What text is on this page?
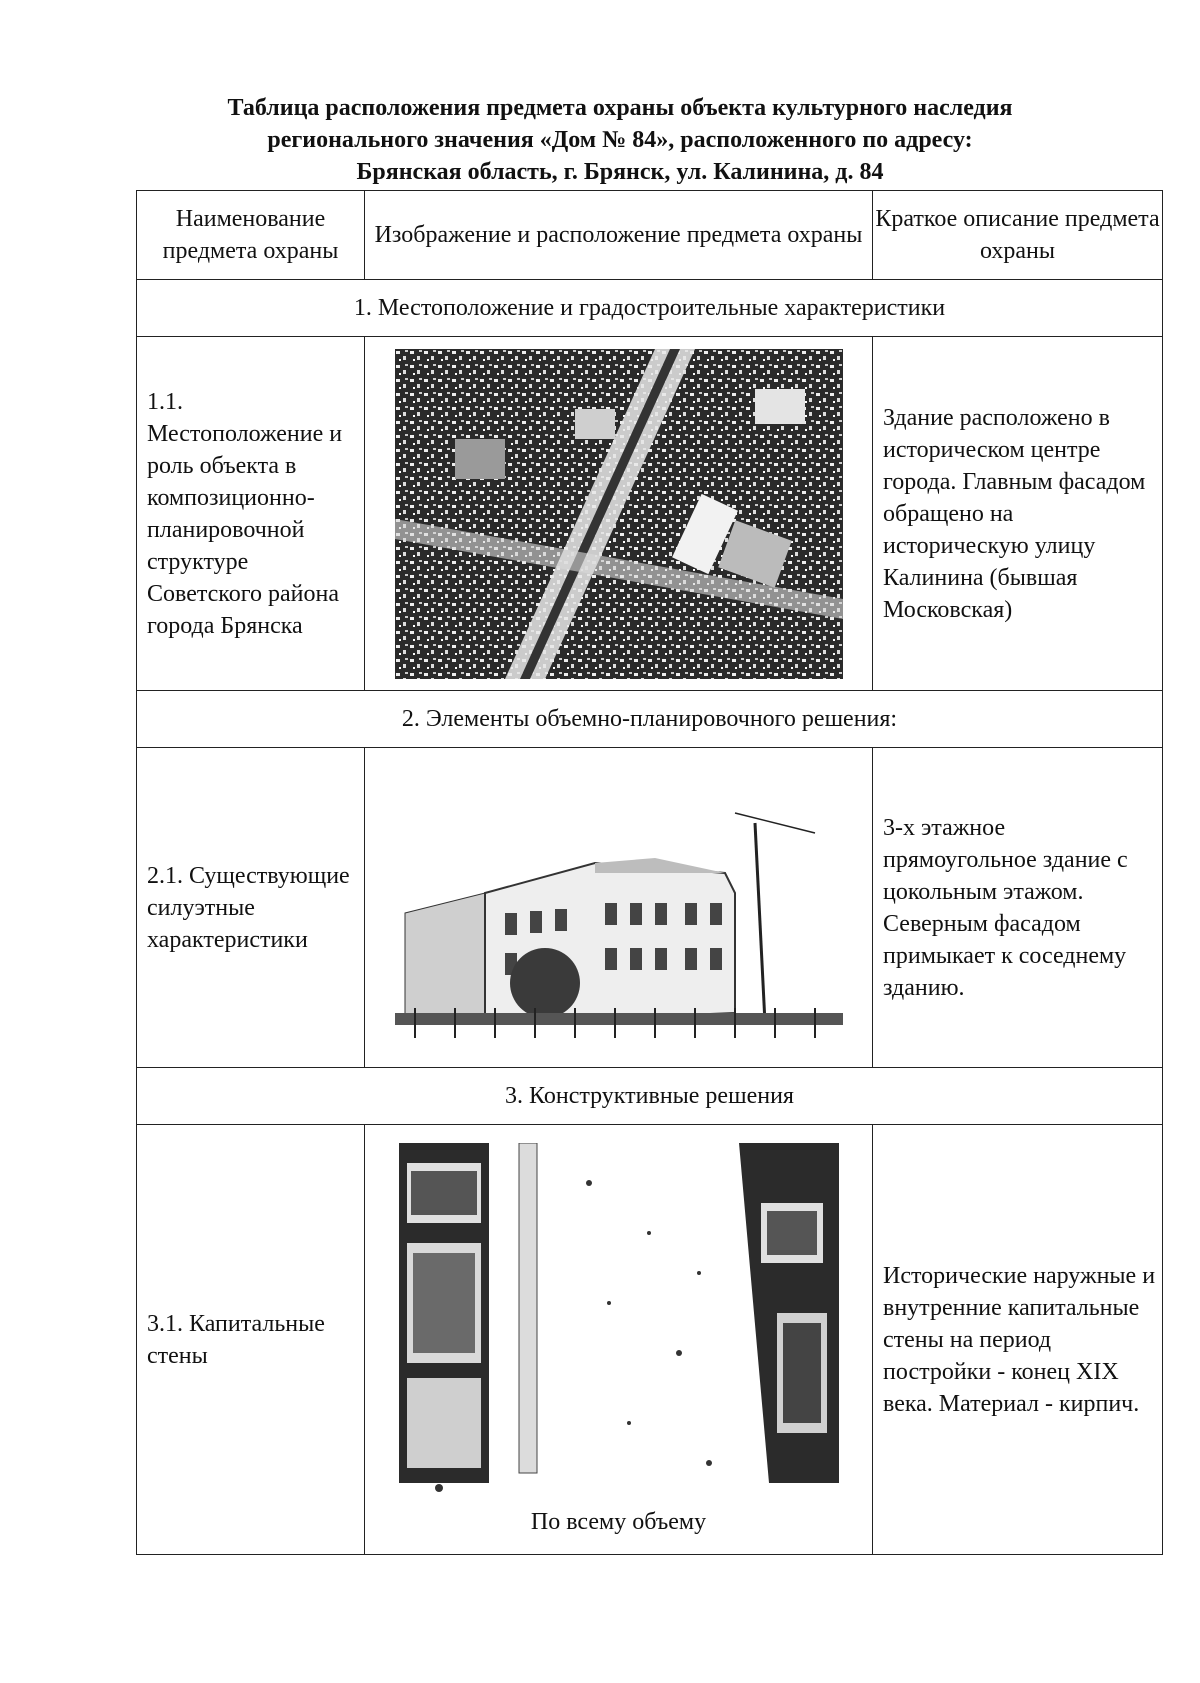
Таблица расположения предмета охраны объекта культурного наследия
регионального значения «Дом № 84», расположенного по адресу:
Брянская область, г. Брянск, ул. Калинина, д. 84
Наименование предмета охраны	Изображение и расположение предмета охраны	Краткое описание предмета охраны
1. Местоположение и градостроительные характеристики		
1.1. Местоположение и роль объекта в композиционно-планировочной структуре Советского района города Брянска		Здание расположено в историческом центре города. Главным фасадом обращено на историческую улицу Калинина (бывшая Московская)
2. Элементы объемно-планировочного решения:		
2.1. Существующие силуэтные характеристики		3-х этажное прямоугольное здание с цокольным этажом. Северным фасадом примыкает к соседнему зданию.
3. Конструктивные решения		
3.1. Капитальные стены	По всему объему	Исторические наружные и внутренние капитальные стены на период постройки - конец XIX века. Материал - кирпич.
